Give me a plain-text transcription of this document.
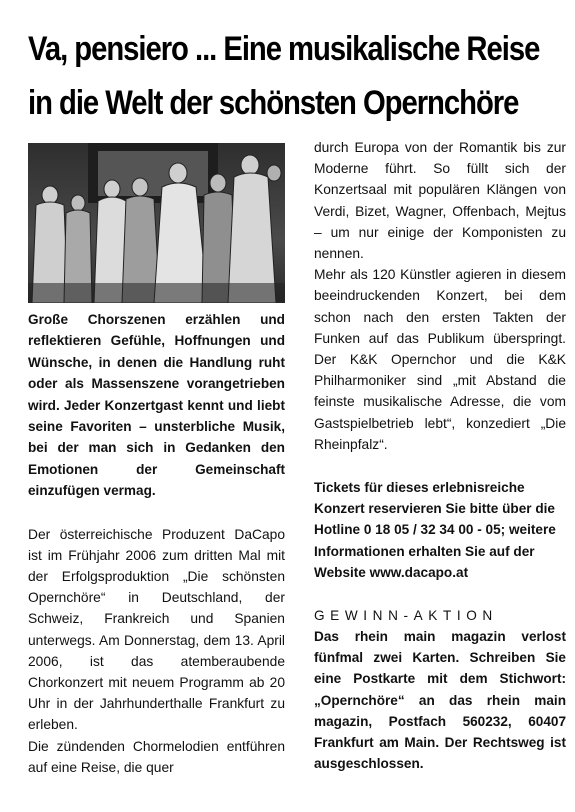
Va, pensiero ... Eine musikalische Reise
in die Welt der schönsten Opernchöre

Große Chorszenen erzählen und reflektieren Gefühle, Hoffnungen und Wünsche, in denen die Handlung ruht oder als Massenszene vorangetrieben wird. Jeder Konzertgast kennt und liebt seine Favoriten – unsterbliche Musik, bei der man sich in Gedanken den Emotionen der Gemeinschaft einzufügen vermag.

Der österreichische Produzent DaCapo ist im Frühjahr 2006 zum dritten Mal mit der Erfolgsproduktion „Die schönsten Opernchöre“ in Deutschland, der Schweiz, Frankreich und Spanien unterwegs. Am Donnerstag, dem 13. April 2006, ist das atemberaubende Chorkonzert mit neuem Programm ab 20 Uhr in der Jahrhunderthalle Frankfurt zu erleben.

Die zündenden Chormelodien entführen auf eine Reise, die quer

durch Europa von der Romantik bis zur Moderne führt. So füllt sich der Konzertsaal mit populären Klängen von Verdi, Bizet, Wagner, Offenbach, Mejtus – um nur einige der Komponisten zu nennen.

Mehr als 120 Künstler agieren in diesem beeindruckenden Konzert, bei dem schon nach den ersten Takten der Funken auf das Publikum überspringt. Der K&K Opernchor und die K&K Philharmoniker sind „mit Abstand die feinste musikalische Adresse, die vom Gastspielbetrieb lebt“, konzediert „Die Rheinpfalz“.

Tickets für dieses erlebnisreiche Konzert reservieren Sie bitte über die Hotline 0 18 05 / 32 34 00 - 05; weitere Informationen erhalten Sie auf der Website www.dacapo.at

GEWINN-AKTION

Das rhein main magazin verlost fünfmal zwei Karten. Schreiben Sie eine Postkarte mit dem Stichwort: „Opernchöre“ an das rhein main magazin, Postfach 560232, 60407 Frankfurt am Main. Der Rechtsweg ist ausgeschlossen.
